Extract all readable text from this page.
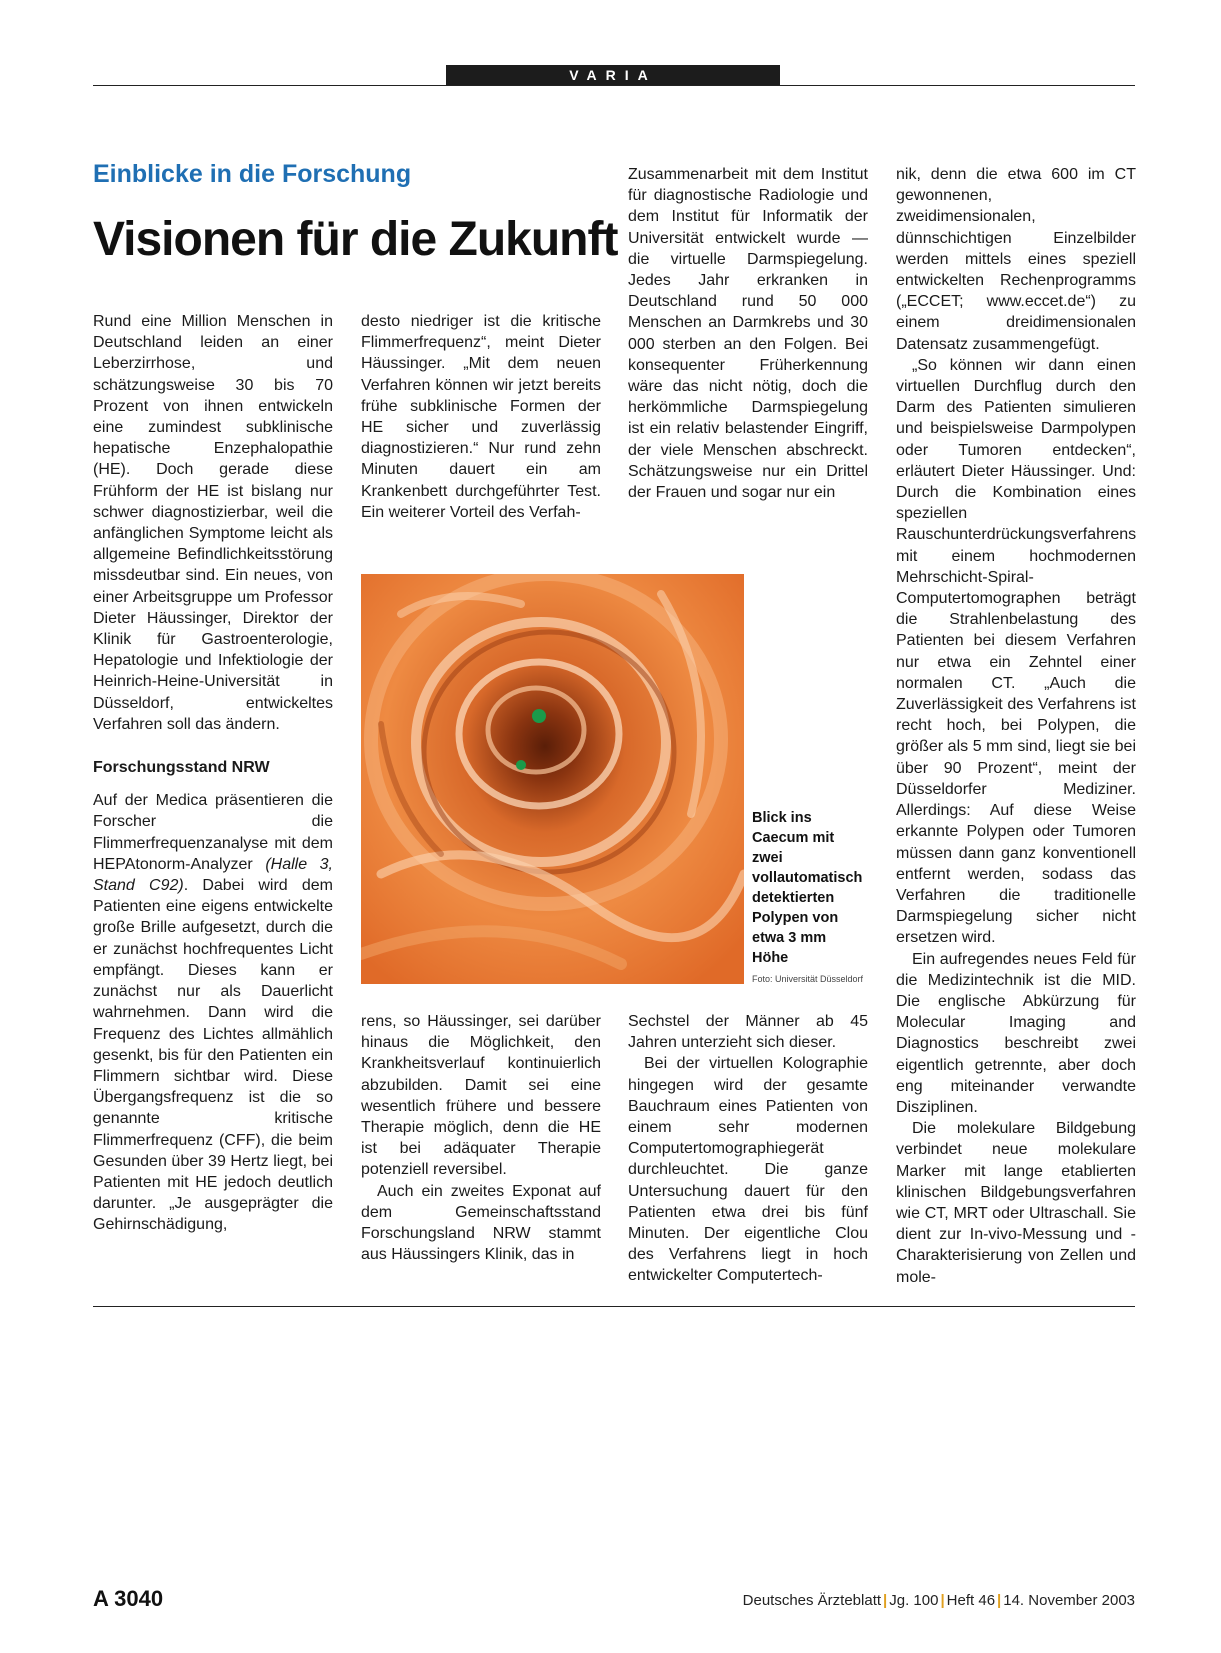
VARIA
Einblicke in die Forschung
Visionen für die Zukunft

Rund eine Million Menschen in Deutschland leiden an einer Leberzirrhose, und schätzungsweise 30 bis 70 Prozent von ihnen entwickeln eine zumindest subklinische hepatische Enzephalopathie (HE). Doch gerade diese Frühform der HE ist bislang nur schwer diagnostizierbar, weil die anfänglichen Symptome leicht als allgemeine Befindlichkeitsstörung missdeutbar sind. Ein neues, von einer Arbeitsgruppe um Professor Dieter Häussinger, Direktor der Klinik für Gastroenterologie, Hepatologie und Infektiologie der Heinrich-Heine-Universität in Düsseldorf, entwickeltes Verfahren soll das ändern.

Forschungsstand NRW

Auf der Medica präsentieren die Forscher die Flimmerfrequenzanalyse mit dem HEPAtonorm-Analyzer (Halle 3, Stand C92). Dabei wird dem Patienten eine eigens entwickelte große Brille aufgesetzt, durch die er zunächst hochfrequentes Licht empfängt. Dieses kann er zunächst nur als Dauerlicht wahrnehmen. Dann wird die Frequenz des Lichtes allmählich gesenkt, bis für den Patienten ein Flimmern sichtbar wird. Diese Übergangsfrequenz ist die so genannte kritische Flimmerfrequenz (CFF), die beim Gesunden über 39 Hertz liegt, bei Patienten mit HE jedoch deutlich darunter. „Je ausgeprägter die Gehirnschädigung,

desto niedriger ist die kritische Flimmerfrequenz“, meint Dieter Häussinger. „Mit dem neuen Verfahren können wir jetzt bereits frühe subklinische Formen der HE sicher und zuverlässig diagnostizieren.“ Nur rund zehn Minuten dauert ein am Krankenbett durchgeführter Test. Ein weiterer Vorteil des Verfah-

Blick ins Caecum mit zwei vollautomatisch detektierten Polypen von etwa 3 mm Höhe
Foto: Universität Düsseldorf

rens, so Häussinger, sei darüber hinaus die Möglichkeit, den Krankheitsverlauf kontinuierlich abzubilden. Damit sei eine wesentlich frühere und bessere Therapie möglich, denn die HE ist bei adäquater Therapie potenziell reversibel.

Auch ein zweites Exponat auf dem Gemeinschaftsstand Forschungsland NRW stammt aus Häussingers Klinik, das in

Zusammenarbeit mit dem Institut für diagnostische Radiologie und dem Institut für Informatik der Universität entwickelt wurde — die virtuelle Darmspiegelung. Jedes Jahr erkranken in Deutschland rund 50 000 Menschen an Darmkrebs und 30 000 sterben an den Folgen. Bei konsequenter Früherkennung wäre das nicht nötig, doch die herkömmliche Darmspiegelung ist ein relativ belastender Eingriff, der viele Menschen abschreckt. Schätzungsweise nur ein Drittel der Frauen und sogar nur ein

Sechstel der Männer ab 45 Jahren unterzieht sich dieser.

Bei der virtuellen Kolographie hingegen wird der gesamte Bauchraum eines Patienten von einem sehr modernen Computertomographiegerät durchleuchtet. Die ganze Untersuchung dauert für den Patienten etwa drei bis fünf Minuten. Der eigentliche Clou des Verfahrens liegt in hoch entwickelter Computertech-

nik, denn die etwa 600 im CT gewonnenen, zweidimensionalen, dünnschichtigen Einzelbilder werden mittels eines speziell entwickelten Rechenprogramms („ECCET; www.eccet.de“) zu einem dreidimensionalen Datensatz zusammengefügt.

„So können wir dann einen virtuellen Durchflug durch den Darm des Patienten simulieren und beispielsweise Darmpolypen oder Tumoren entdecken“, erläutert Dieter Häussinger. Und: Durch die Kombination eines speziellen Rauschunterdrückungsverfahrens mit einem hochmodernen Mehrschicht-Spiral-Computertomographen beträgt die Strahlenbelastung des Patienten bei diesem Verfahren nur etwa ein Zehntel einer normalen CT. „Auch die Zuverlässigkeit des Verfahrens ist recht hoch, bei Polypen, die größer als 5 mm sind, liegt sie bei über 90 Prozent“, meint der Düsseldorfer Mediziner. Allerdings: Auf diese Weise erkannte Polypen oder Tumoren müssen dann ganz konventionell entfernt werden, sodass das Verfahren die traditionelle Darmspiegelung sicher nicht ersetzen wird.

Ein aufregendes neues Feld für die Medizintechnik ist die MID. Die englische Abkürzung für Molecular Imaging and Diagnostics beschreibt zwei eigentlich getrennte, aber doch eng miteinander verwandte Disziplinen.

Die molekulare Bildgebung verbindet neue molekulare Marker mit lange etablierten klinischen Bildgebungsverfahren wie CT, MRT oder Ultraschall. Sie dient zur In-vivo-Messung und -Charakterisierung von Zellen und mole-

A 3040	Deutsches Ärzteblatt | Jg. 100 | Heft 46 | 14. November 2003
